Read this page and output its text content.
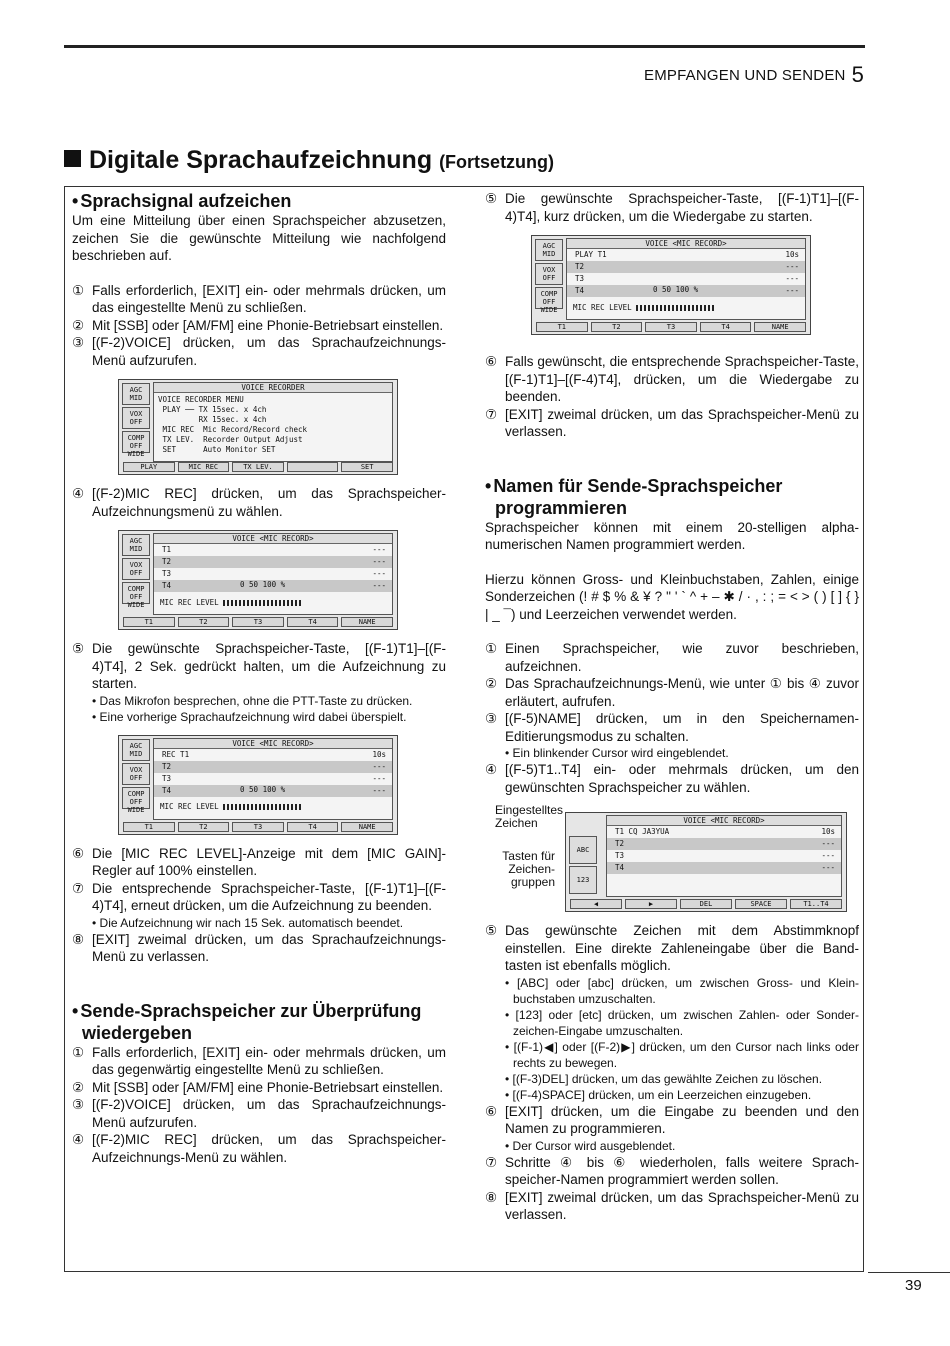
EMPFANGEN UND SENDEN 5
Digitale Sprachaufzeichnung (Fortsetzung)
• Sprachsignal aufzeichen

Um eine Mitteilung über einen Sprachspeicher abzusetzen, zeichen Sie die gewünschte Mitteilung wie nachfolgend beschrieben auf.

① Falls erforderlich, [EXIT] ein- oder mehrmals drücken, um das eingestellte Menü zu schließen.
② Mit [SSB] oder [AM/FM] eine Phonie-Betriebsart einstellen.
③ [(F-2)VOICE] drücken, um das Sprachaufzeichnungs-Menü aufzurufen.
AGC MID
VOX OFF
COMP OFF WIDE
VOICE RECORDER
VOICE RECORDER MENU
PLAY ── TX 15sec. x 4ch
RX 15sec. x 4ch
MIC REC  Mic Record/Record check
TX LEV.  Recorder Output Adjust
SET      Auto Monitor SET
PLAY	MIC REC	TX LEV.	SET
④ [(F-2)MIC REC] drücken, um das Sprachspeicher-Aufzeichnungsmenü zu wählen.
AGC MID
VOX OFF
COMP OFF WIDE
VOICE <MIC RECORD>
T1	---
T2	---
T3	---
T4	---
0 50 100 %
MIC REC LEVEL
T1	T2	T3	T4	NAME
⑤ Die gewünschte Sprachspeicher-Taste, [(F-1)T1]–[(F-4)T4], 2 Sek. gedrückt halten, um die Aufzeichnung zu starten.
• Das Mikrofon besprechen, ohne die PTT-Taste zu drücken.
• Eine vorherige Sprachaufzeichnung wird dabei überspielt.
AGC MID
VOX OFF
COMP OFF WIDE
VOICE <MIC RECORD>
REC T1	10s
T2	---
T3	---
T4	---
0 50 100 %
MIC REC LEVEL
T1	T2	T3	T4	NAME
⑥ Die [MIC REC LEVEL]-Anzeige mit dem [MIC GAIN]-Regler auf 100% einstellen.
⑦ Die entsprechende Sprachspeicher-Taste, [(F-1)T1]–[(F-4)T4], erneut drücken, um die Aufzeichnung zu beenden.
• Die Aufzeichnung wir nach 15 Sek. automatisch beendet.
⑧ [EXIT] zweimal drücken, um das Sprachaufzeichnungs-Menü zu verlassen.
• Sende-Sprachspeicher zur Überprüfung
wiedergeben
① Falls erforderlich, [EXIT] ein- oder mehrmals drücken, um das gegenwärtig eingestellte Menü zu schließen.
② Mit [SSB] oder [AM/FM] eine Phonie-Betriebsart einstellen.
③ [(F-2)VOICE] drücken, um das Sprachaufzeichnungs-Menü aufzurufen.
④ [(F-2)MIC REC] drücken, um das Sprachspeicher-Aufzeichnungs-Menü zu wählen.
⑤ Die gewünschte Sprachspeicher-Taste, [(F-1)T1]–[(F-4)T4], kurz drücken, um die Wiedergabe zu starten.
AGC MID
VOX OFF
COMP OFF WIDE
VOICE <MIC RECORD>
PLAY T1	10s
T2	---
T3	---
T4	---
0 50 100 %
MIC REC LEVEL
T1	T2	T3	T4	NAME
⑥ Falls gewünscht, die entsprechende Sprachspeicher-Taste, [(F-1)T1]–[(F-4)T4], drücken, um die Wiedergabe zu beenden.
⑦ [EXIT] zweimal drücken, um das Sprachspeicher-Menü zu verlassen.
• Namen für Sende-Sprachspeicher
programmieren

Sprachspeicher können mit einem 20-stelligen alpha-numerischen Namen programmiert werden.

Hierzu können Gross- und Kleinbuchstaben, Zahlen, einige Sonderzeichen (! # $ % & ¥ ? " ' ` ^ + – ✱ / · , : ; = < > ( ) [ ] { } | _ ¯) und Leerzeichen verwendet werden.

① Einen Sprachspeicher, wie zuvor beschrieben, aufzeichnen.
② Das Sprachaufzeichnungs-Menü, wie unter ① bis ④ zuvor erläutert, aufrufen.
③ [(F-5)NAME] drücken, um in den Speichernamen-Editierungsmodus zu schalten.
• Ein blinkender Cursor wird eingeblendet.
④ [(F-5)T1..T4] ein- oder mehrmals drücken, um den gewünschten Sprachspeicher zu wählen.
Eingestelltes Zeichen
Tasten für Zeichen-gruppen
ABC
123
VOICE <MIC RECORD>
T1 CQ JA3YUA	10s
T2	---
T3	---
T4	---
◀	▶	DEL	SPACE	T1..T4
⑤ Das gewünschte Zeichen mit dem Abstimmknopf einstellen. Eine direkte Zahleneingabe über die Band-tasten ist ebenfalls möglich.
• [ABC] oder [abc] drücken, um zwischen Gross- und Klein-buchstaben umzuschalten.
• [123] oder [etc] drücken, um zwischen Zahlen- oder Sonder-zeichen-Eingabe umzuschalten.
• [(F-1)◀] oder [(F-2)▶] drücken, um den Cursor nach links oder rechts zu bewegen.
• [(F-3)DEL] drücken, um das gewählte Zeichen zu löschen.
• [(F-4)SPACE] drücken, um ein Leerzeichen einzugeben.
⑥ [EXIT] drücken, um die Eingabe zu beenden und den Namen zu programmieren.
• Der Cursor wird ausgeblendet.
⑦ Schritte ④ bis ⑥ wiederholen, falls weitere Sprach-speicher-Namen programmiert werden sollen.
⑧ [EXIT] zweimal drücken, um das Sprachspeicher-Menü zu verlassen.
39
